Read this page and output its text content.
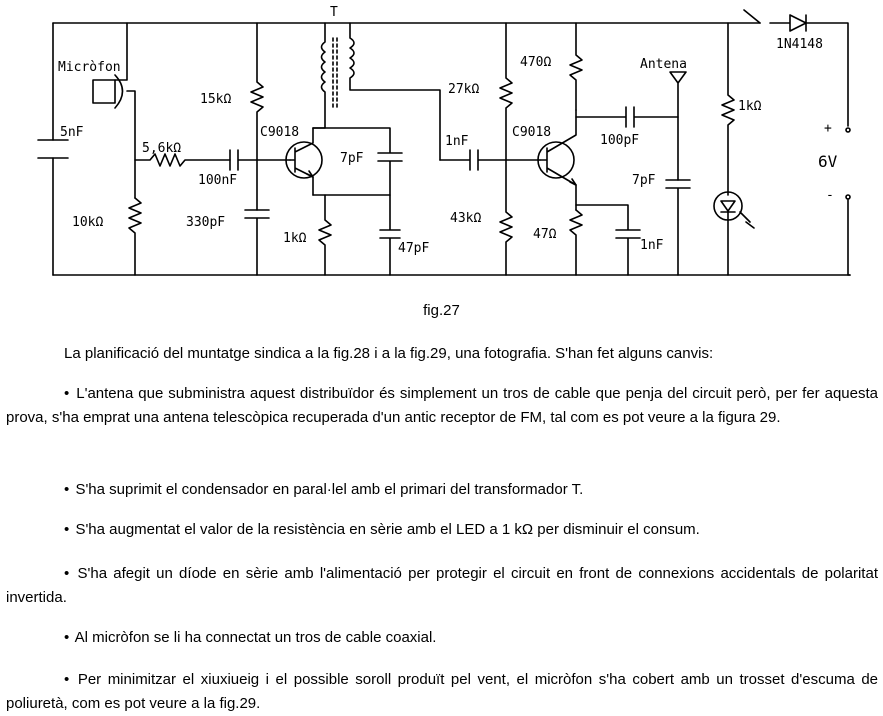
T
Micròfon
5nF
10kΩ
5,6kΩ
100nF
15kΩ
330pF
C9018
7pF
1kΩ
47pF
1nF
27kΩ
43kΩ
470Ω
C9018
47Ω
1nF
Antena
100pF
7pF
1kΩ
1N4148
+
6V
-
fig.27

La planificació del muntatge sindica a la fig.28 i a la fig.29, una fotografia. S'han fet alguns canvis:

• L'antena que subministra aquest distribuïdor és simplement un tros de cable que penja del circuit però, per fer aquesta prova, s'ha emprat una antena telescòpica recuperada d'un antic receptor de FM, tal com es pot veure a la figura 29.

• S'ha suprimit el condensador en paral·lel amb el primari del transformador T.

• S'ha augmentat el valor de la resistència en sèrie amb el LED a 1 kΩ per disminuir el consum.

• S'ha afegit un díode en sèrie amb l'alimentació per protegir el circuit en front de connexions accidentals de polaritat invertida.

• Al micròfon se li ha connectat un tros de cable coaxial.

• Per minimitzar el xiuxiueig i el possible soroll produït pel vent, el micròfon s'ha cobert amb un trosset d'escuma de poliuretà, com es pot veure a la fig.29.
